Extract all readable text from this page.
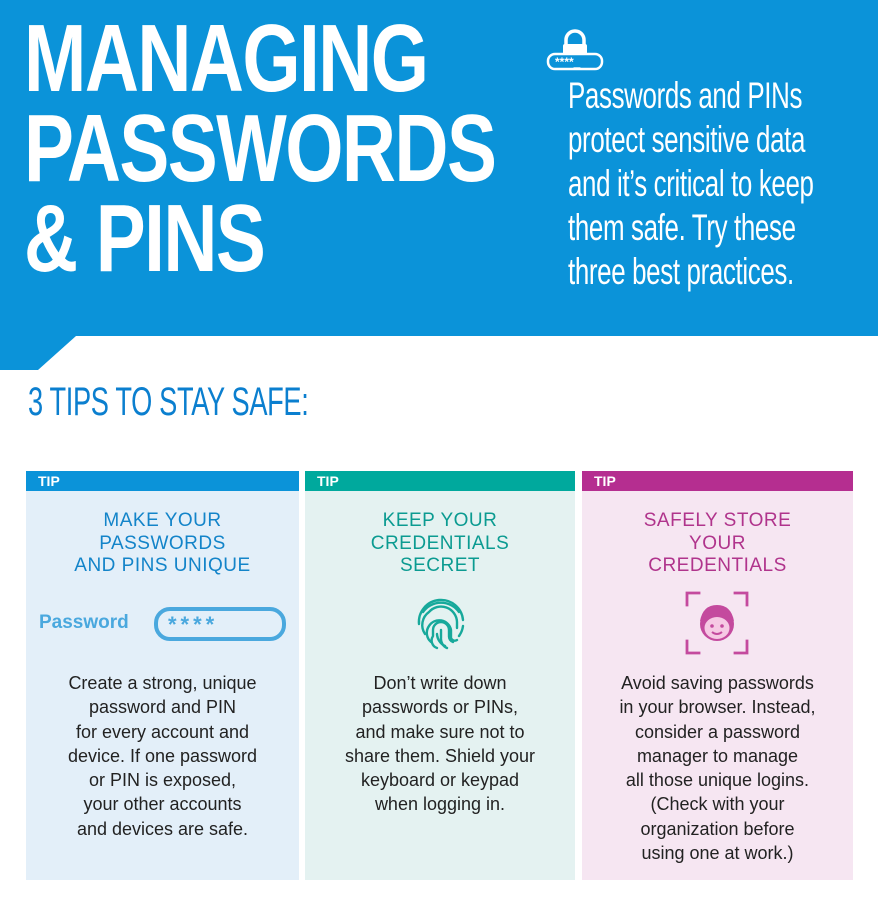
MANAGING
PASSWORDS
& PINS
****_

Passwords and PINs
protect sensitive data
and it’s critical to keep
them safe. Try these
three best practices.

3 TIPS TO STAY SAFE:
TIP
MAKE YOUR
PASSWORDS
AND PINS UNIQUE
Password ****

Create a strong, unique
password and PIN
for every account and
device. If one password
or PIN is exposed,
your other accounts
and devices are safe.

TIP
KEEP YOUR
CREDENTIALS
SECRET

Don’t write down
passwords or PINs,
and make sure not to
share them. Shield your
keyboard or keypad
when logging in.

TIP
SAFELY STORE
YOUR
CREDENTIALS

Avoid saving passwords
in your browser. Instead,
consider a password
manager to manage
all those unique logins.
(Check with your
organization before
using one at work.)
